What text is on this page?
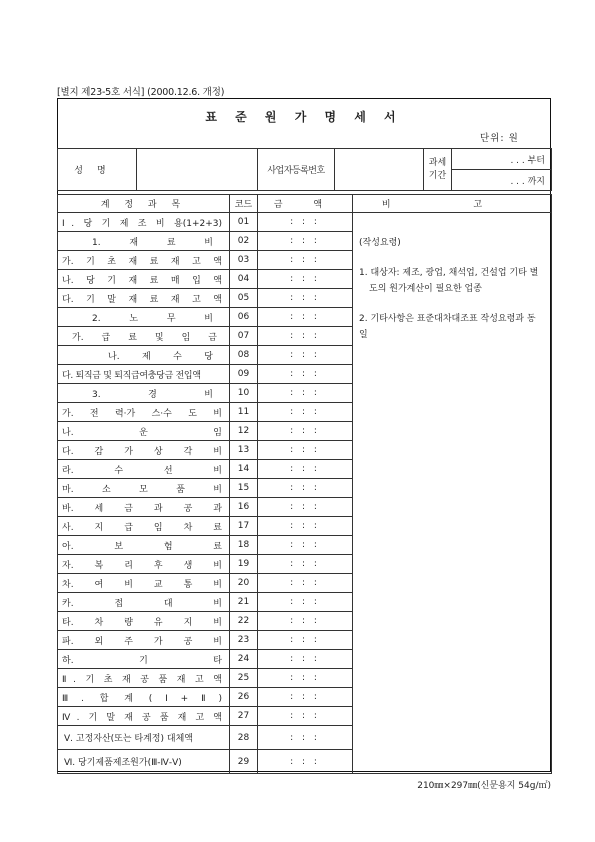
[별지 제23-5호 서식] (2000.12.6. 개정)
표 준 원 가 명 세 서
단위: 원
성명		사업자등록번호		
과세
기간
	. . . 부터
. . . 까지
계 정 과 목	코드	금 액	비 고
Ⅰ. 당 기 제 조 비 용(1+2+3)	01	: : :	(작성요령)

1. 대상자: 제조, 광업, 채석업, 건설업 기타 별도의 원가계산이 필요한 업종

2. 기타사항은 표준대차대조표 작성요령과 동일

1. 재 료 비	02	: : :	
가. 기 초 재 료 재 고 액	03	: : :	
나. 당 기 재 료 매 입 액	04	: : :	
다. 기 말 재 료 재 고 액	05	: : :	
2. 노 무 비	06	: : :	
가. 급 료 및 임 금	07	: : :	
나. 제 수 당	08	: : :	
다. 퇴직금 및 퇴직급여충당금 전입액	09	: : :	
3. 경 비	10	: : :	
가. 전 력·가 스·수 도 비	11	: : :	
나. 운 임	12	: : :	
다. 감 가 상 각 비	13	: : :	
라. 수 선 비	14	: : :	
마. 소 모 품 비	15	: : :	
바. 세 금 과 공 과	16	: : :	
사. 지 급 임 차 료	17	: : :	
아. 보 험 료	18	: : :	
자. 복 리 후 생 비	19	: : :	
차. 여 비 교 통 비	20	: : :	
카. 접 대 비	21	: : :	
타. 차 량 유 지 비	22	: : :	
파. 외 주 가 공 비	23	: : :	
하. 기 타	24	: : :	
Ⅱ. 기 초 재 공 품 재 고 액	25	: : :	
Ⅲ. 합 계 (Ⅰ+Ⅱ)	26	: : :	
Ⅳ. 기 말 재 공 품 재 고 액	27	: : :	
Ⅴ. 고정자산(또는 타계정) 대체액	28	: : :	
Ⅵ. 당기제품제조원가(Ⅲ-Ⅳ-Ⅴ)	29	: : :	
210㎜×297㎜(신문용지 54g/㎡)
